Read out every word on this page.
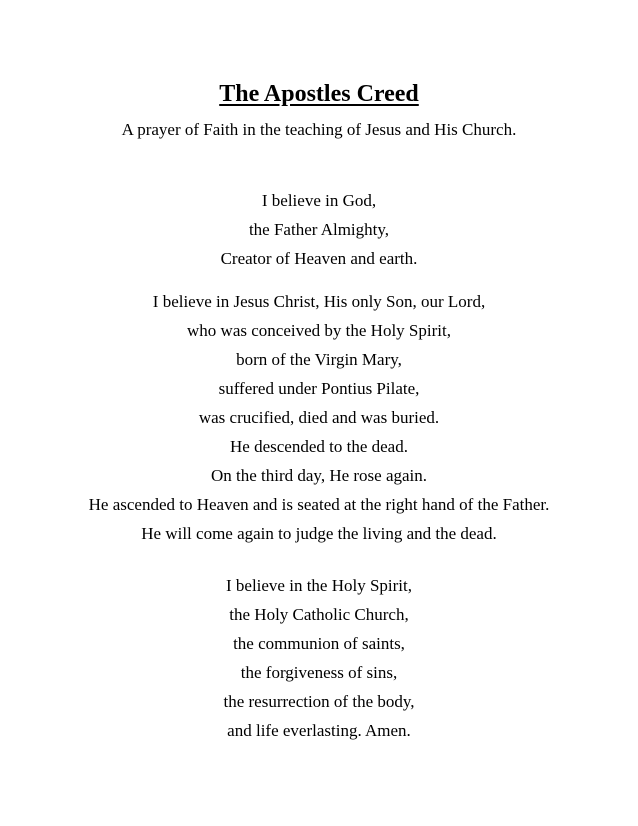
The Apostles Creed
A prayer of Faith in the teaching of Jesus and His Church.
I believe in God,
the Father Almighty,
Creator of Heaven and earth.
I believe in Jesus Christ, His only Son, our Lord,
who was conceived by the Holy Spirit,
born of the Virgin Mary,
suffered under Pontius Pilate,
was crucified, died and was buried.
He descended to the dead.
On the third day, He rose again.
He ascended to Heaven and is seated at the right hand of the Father.
He will come again to judge the living and the dead.
I believe in the Holy Spirit,
the Holy Catholic Church,
the communion of saints,
the forgiveness of sins,
the resurrection of the body,
and life everlasting. Amen.
